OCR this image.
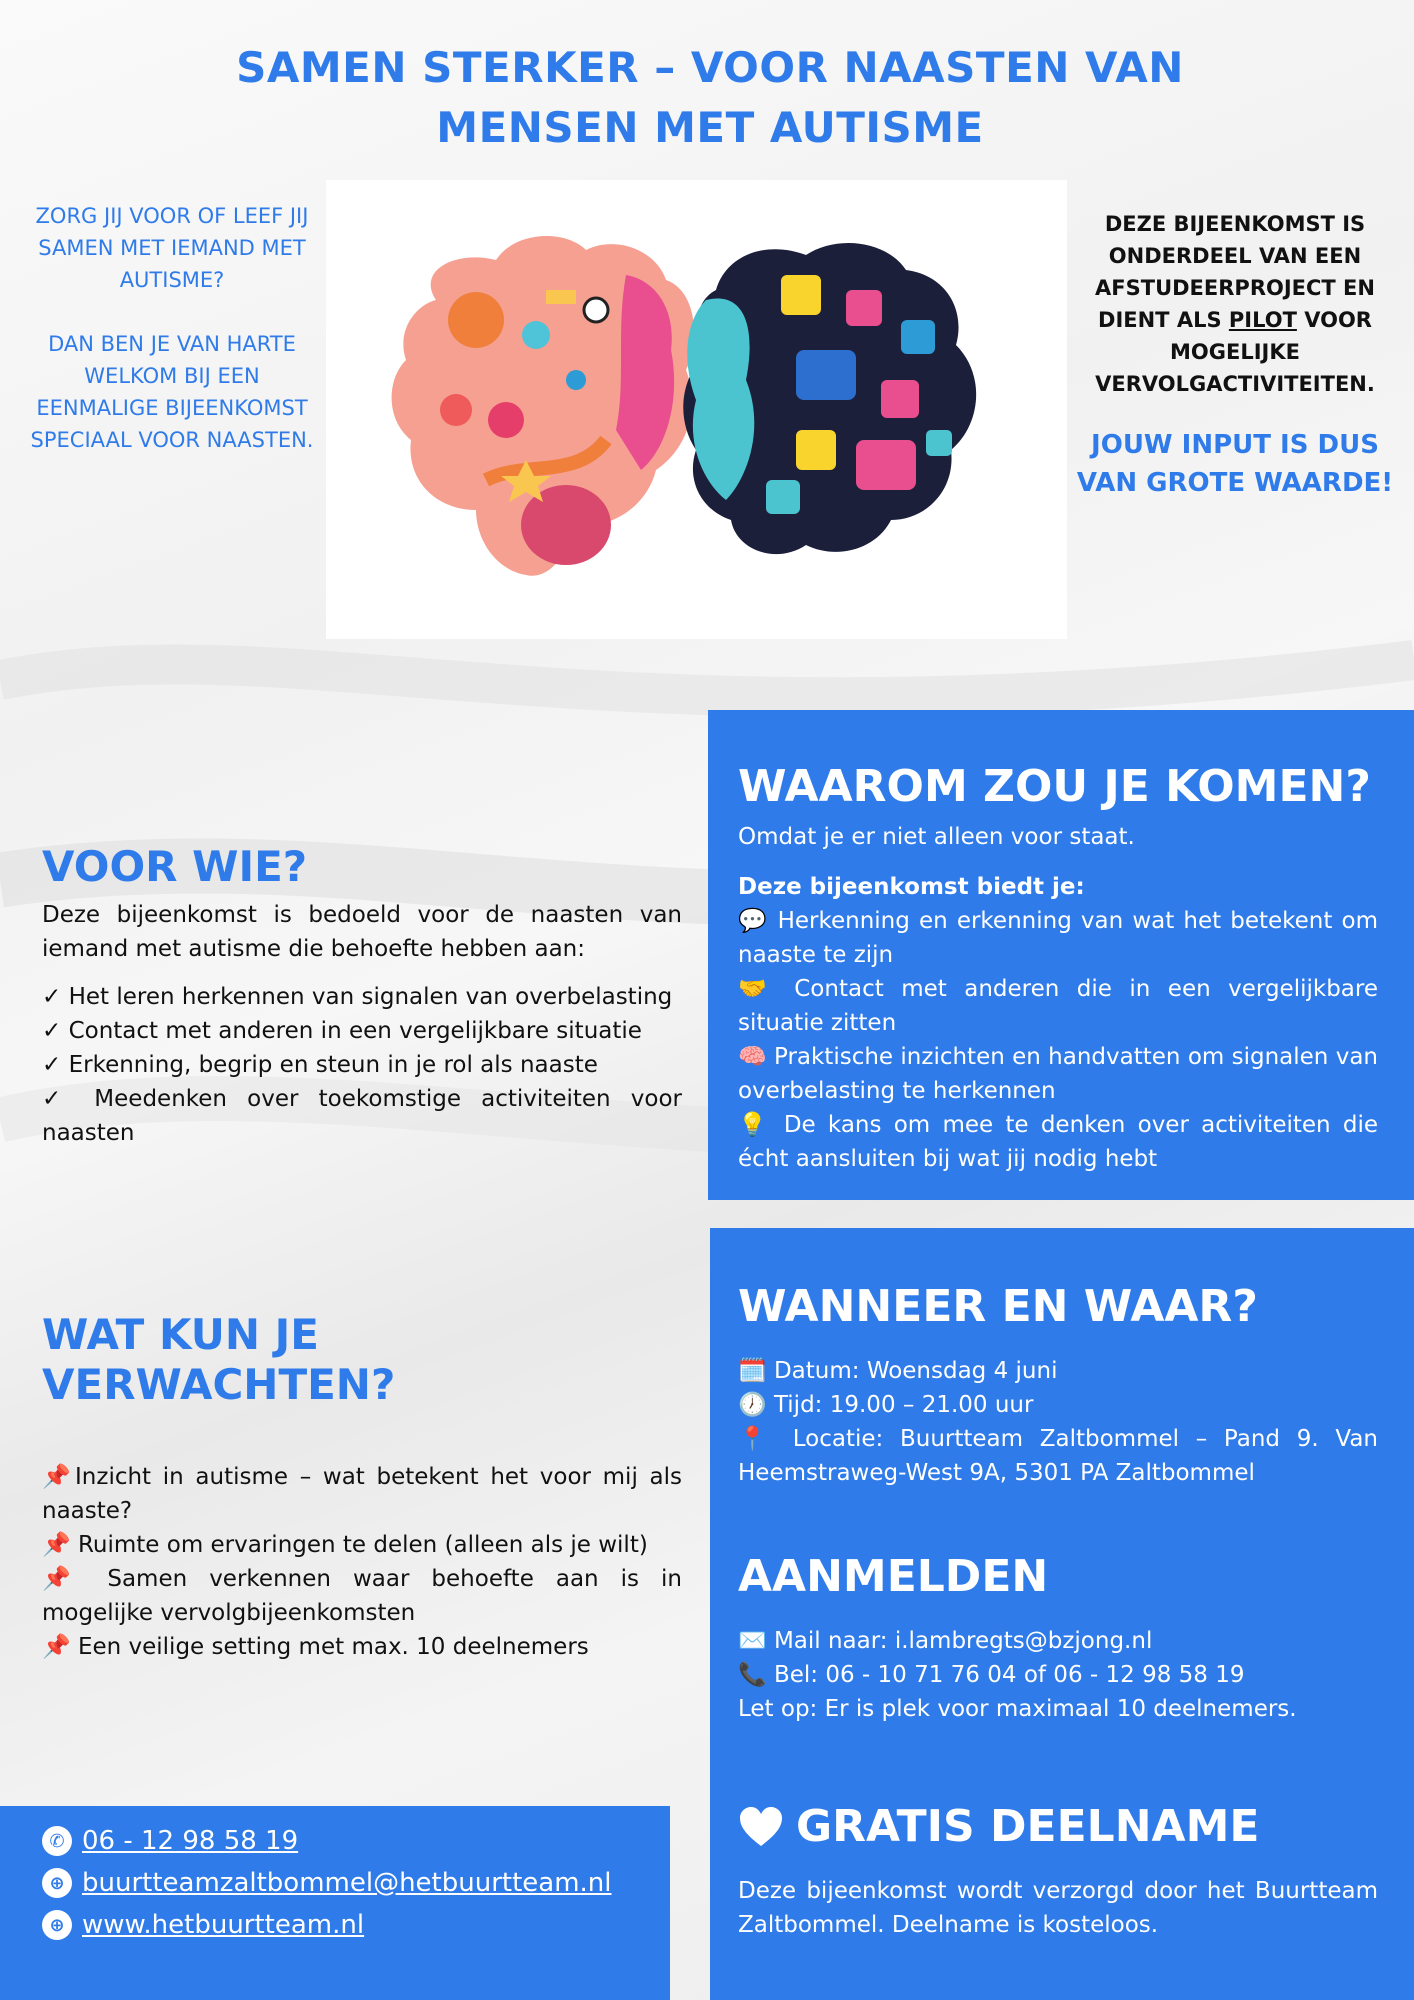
SAMEN STERKER – VOOR NAASTEN VAN MENSEN MET AUTISME

ZORG JIJ VOOR OF LEEF JIJ SAMEN MET IEMAND MET AUTISME?

DAN BEN JE VAN HARTE WELKOM BIJ EEN EENMALIGE BIJEENKOMST SPECIAAL VOOR NAASTEN.

DEZE BIJEENKOMST IS ONDERDEEL VAN EEN AFSTUDEERPROJECT EN DIENT ALS PILOT VOOR MOGELIJKE VERVOLGACTIVITEITEN.

JOUW INPUT IS DUS VAN GROTE WAARDE!

VOOR WIE?

Deze bijeenkomst is bedoeld voor de naasten van iemand met autisme die behoefte hebben aan:

✓ Het leren herkennen van signalen van overbelasting
✓ Contact met anderen in een vergelijkbare situatie
✓ Erkenning, begrip en steun in je rol als naaste
✓ Meedenken over toekomstige activiteiten voor naasten
WAT KUN JE VERWACHTEN?
📌Inzicht in autisme – wat betekent het voor mij als naaste?
📌 Ruimte om ervaringen te delen (alleen als je wilt)
📌 Samen verkennen waar behoefte aan is in mogelijke vervolgbijeenkomsten
📌 Een veilige setting met max. 10 deelnemers
WAAROM ZOU JE KOMEN?

Omdat je er niet alleen voor staat.

Deze bijeenkomst biedt je:

💬 Herkenning en erkenning van wat het betekent om naaste te zijn
🤝 Contact met anderen die in een vergelijkbare situatie zitten
🧠 Praktische inzichten en handvatten om signalen van overbelasting te herkennen
💡 De kans om mee te denken over activiteiten die écht aansluiten bij wat jij nodig hebt
WANNEER EN WAAR?
🗓️ Datum: Woensdag 4 juni
🕖 Tijd: 19.00 – 21.00 uur
📍 Locatie: Buurtteam Zaltbommel – Pand 9. Van Heemstraweg-West 9A, 5301 PA Zaltbommel
AANMELDEN
✉️ Mail naar: i.lambregts@bzjong.nl
📞 Bel: 06 - 10 71 76 04 of 06 - 12 98 58 19
Let op: Er is plek voor maximaal 10 deelnemers.
GRATIS DEELNAME

Deze bijeenkomst wordt verzorgd door het Buurtteam Zaltbommel. Deelname is kosteloos.

✆ 06 - 12 98 58 19
⊕ buurtteamzaltbommel@hetbuurtteam.nl
⊕ www.hetbuurtteam.nl
